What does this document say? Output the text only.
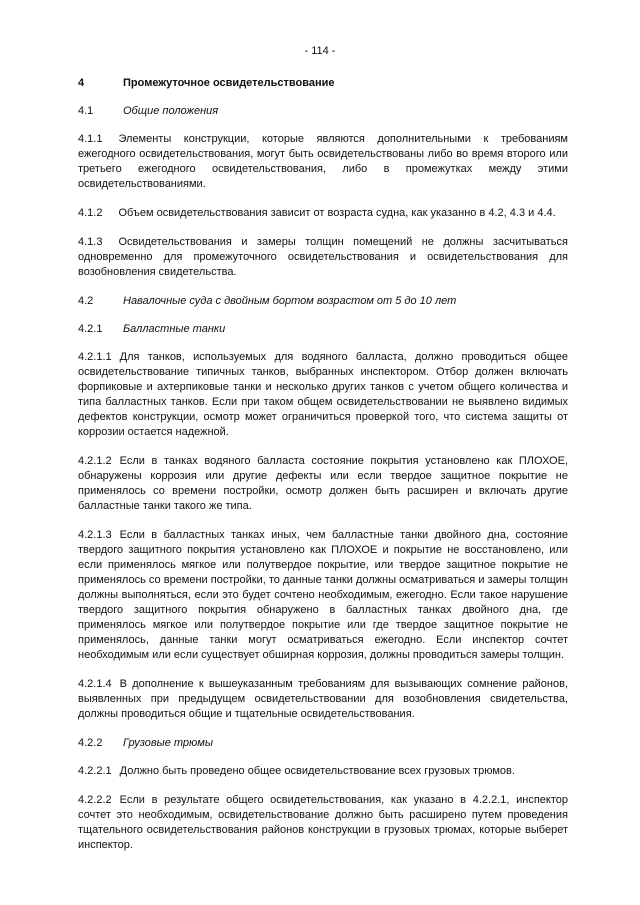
- 114 -
4	Промежуточное освидетельствование
4.1	Общие положения

4.1.1 Элементы конструкции, которые являются дополнительными к требованиям ежегодного освидетельствования, могут быть освидетельствованы либо во время второго или третьего ежегодного освидетельствования, либо в промежутках между этими освидетельствованиями.

4.1.2 Объем освидетельствования зависит от возраста судна, как указанно в 4.2, 4.3 и 4.4.

4.1.3 Освидетельствования и замеры толщин помещений не должны засчитываться одновременно для промежуточного освидетельствования и освидетельствования для возобновления свидетельства.

4.2	Навалочные суда с двойным бортом возрастом от 5 до 10 лет
4.2.1	Балластные танки

4.2.1.1 Для танков, используемых для водяного балласта, должно проводиться общее освидетельствование типичных танков, выбранных инспектором. Отбор должен включать форпиковые и ахтерпиковые танки и несколько других танков с учетом общего количества и типа балластных танков. Если при таком общем освидетельствовании не выявлено видимых дефектов конструкции, осмотр может ограничиться проверкой того, что система защиты от коррозии остается надежной.

4.2.1.2 Если в танках водяного балласта состояние покрытия установлено как ПЛОХОЕ, обнаружены коррозия или другие дефекты или если твердое защитное покрытие не применялось со времени постройки, осмотр должен быть расширен и включать другие балластные танки такого же типа.

4.2.1.3 Если в балластных танках иных, чем балластные танки двойного дна, состояние твердого защитного покрытия установлено как ПЛОХОЕ и покрытие не восстановлено, или если применялось мягкое или полутвердое покрытие, или твердое защитное покрытие не применялось со времени постройки, то данные танки должны осматриваться и замеры толщин должны выполняться, если это будет сочтено необходимым, ежегодно. Если такое нарушение твердого защитного покрытия обнаружено в балластных танках двойного дна, где применялось мягкое или полутвердое покрытие или где твердое защитное покрытие не применялось, данные танки могут осматриваться ежегодно. Если инспектор сочтет необходимым или если существует обширная коррозия, должны проводиться замеры толщин.

4.2.1.4 В дополнение к вышеуказанным требованиям для вызывающих сомнение районов, выявленных при предыдущем освидетельствовании для возобновления свидетельства, должны проводиться общие и тщательные освидетельствования.

4.2.2	Грузовые трюмы

4.2.2.1 Должно быть проведено общее освидетельствование всех грузовых трюмов.

4.2.2.2 Если в результате общего освидетельствования, как указано в 4.2.2.1, инспектор сочтет это необходимым, освидетельствование должно быть расширено путем проведения тщательного освидетельствования районов конструкции в грузовых трюмах, которые выберет инспектор.
